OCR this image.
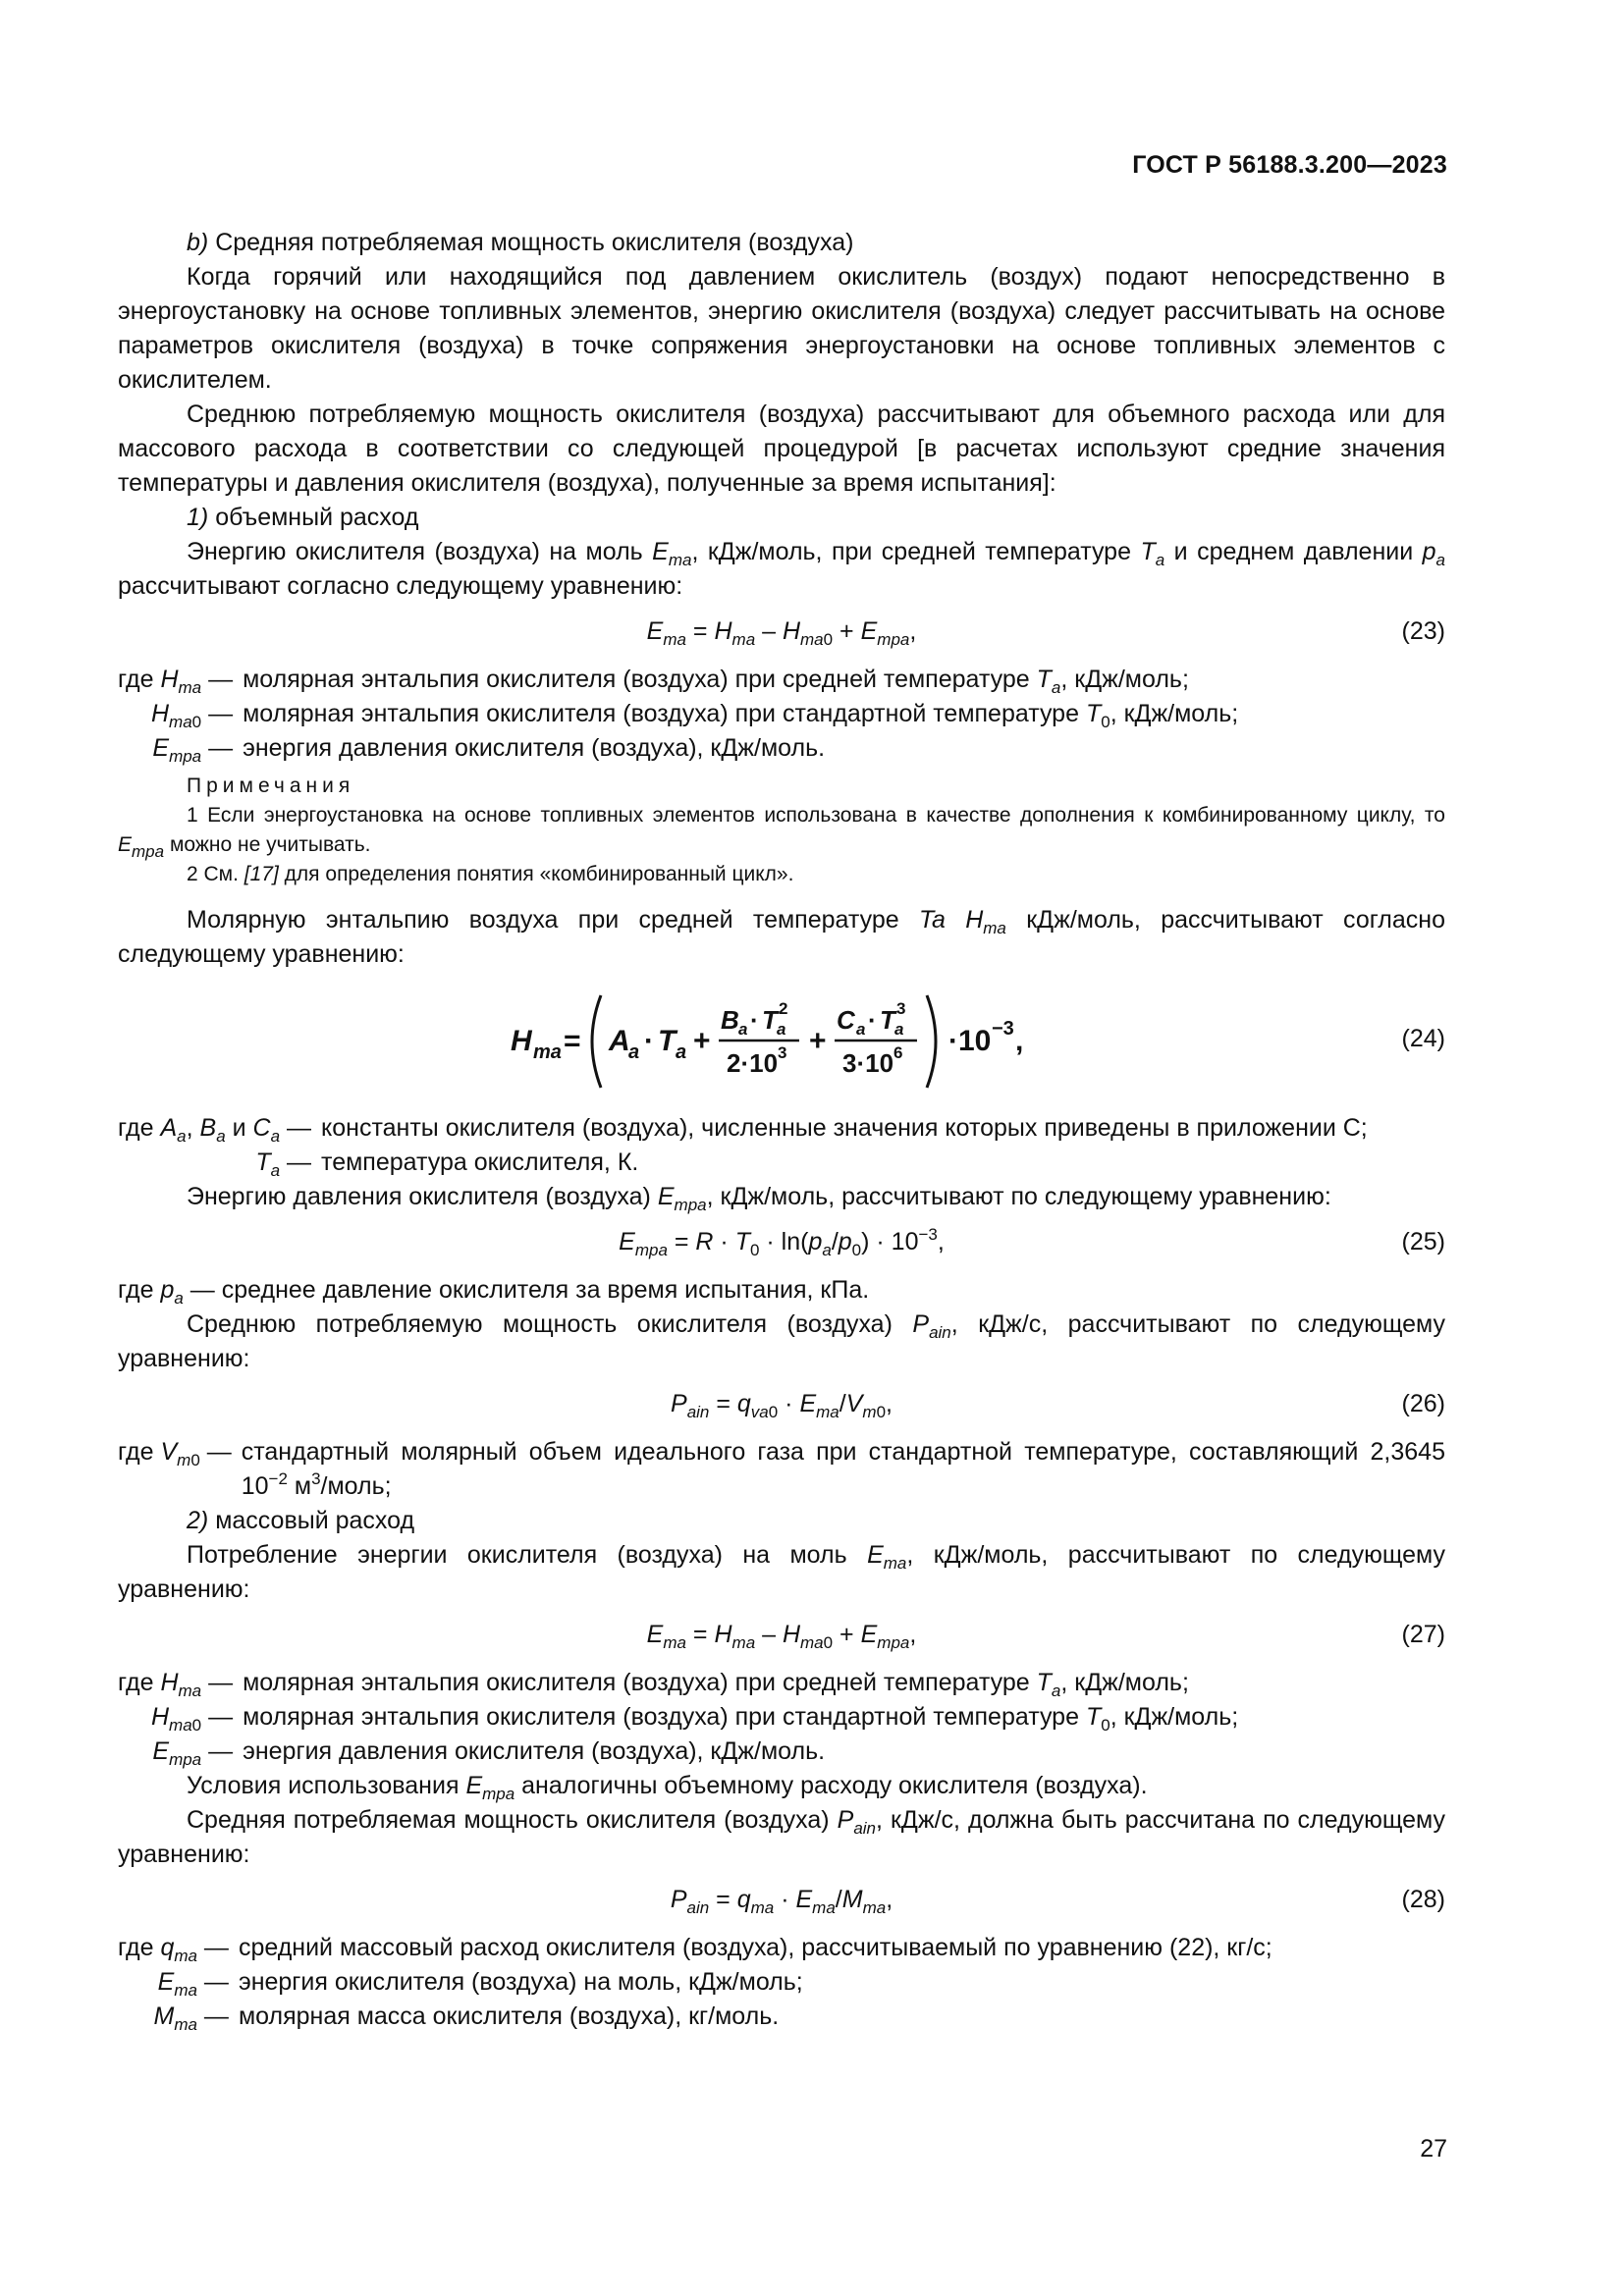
ГОСТ Р 56188.3.200—2023

b) Средняя потребляемая мощность окислителя (воздуха)

Когда горячий или находящийся под давлением окислитель (воздух) подают непосредственно в энергоустановку на основе топливных элементов, энергию окислителя (воздуха) следует рассчитывать на основе параметров окислителя (воздуха) в точке сопряжения энергоустановки на основе топливных элементов с окислителем.

Среднюю потребляемую мощность окислителя (воздуха) рассчитывают для объемного расхода или для массового расхода в соответствии со следующей процедурой [в расчетах используют средние значения температуры и давления окислителя (воздуха), полученные за время испытания]:

1) объемный расход

Энергию окислителя (воздуха) на моль $E_{ma}$, кДж/моль, при средней температуре $T_a$ и среднем давлении $p_a$ рассчитывают согласно следующему уравнению:

$E_{ma} = H_{ma} - H_{ma0} + E_{mpa}$,	(23)
где $H_{ma}$ — молярная энтальпия окислителя (воздуха) при средней температуре $T_a$, кДж/моль;
$H_{ma0}$ — молярная энтальпия окислителя (воздуха) при стандартной температуре $T_0$, кДж/моль;
$E_{mpa}$ — энергия давления окислителя (воздуха), кДж/моль.
Примечания

1 Если энергоустановка на основе топливных элементов использована в качестве дополнения к комбинированному циклу, то $E_{mpa}$ можно не учитывать.

2 См. [17] для определения понятия «комбинированный цикл».

Молярную энтальпию воздуха при средней температуре Ta $H_{ma}$ кДж/моль, рассчитывают согласно следующему уравнению:

H ma = A
a · T a +
B a · T a
2
2·10 3 +
C a · T a
3
3·10 6 ·10 −3 ,	(24)
где $A_a$, $B_a$ и $C_a$ — константы окислителя (воздуха), численные значения которых приведены в приложении С;
$T_a$ — температура окислителя, К.

Энергию давления окислителя (воздуха) $E_{mpa}$, кДж/моль, рассчитывают по следующему уравнению:

$E_{mpa} = R \cdot T_0 \cdot \ln(p_a/p_0) \cdot 10^{-3}$,	(25)

где $p_a$ — среднее давление окислителя за время испытания, кПа.

Среднюю потребляемую мощность окислителя (воздуха) $P_{ain}$, кДж/с, рассчитывают по следующему уравнению:

$P_{ain} = q_{va0} \cdot E_{ma}/V_{m0}$,	(26)
где $V_{m0}$ — стандартный молярный объем идеального газа при стандартной температуре, составляющий 2,3645 $10^{-2}$ $м^3$/моль;

2) массовый расход

Потребление энергии окислителя (воздуха) на моль $E_{ma}$, кДж/моль, рассчитывают по следующему уравнению:

$E_{ma} = H_{ma} - H_{ma0} + E_{mpa}$,	(27)
где $H_{ma}$ — молярная энтальпия окислителя (воздуха) при средней температуре $T_a$, кДж/моль;
$H_{ma0}$ — молярная энтальпия окислителя (воздуха) при стандартной температуре $T_0$, кДж/моль;
$E_{mpa}$ — энергия давления окислителя (воздуха), кДж/моль.

Условия использования $E_{mpa}$ аналогичны объемному расходу окислителя (воздуха).

Средняя потребляемая мощность окислителя (воздуха) $P_{ain}$, кДж/с, должна быть рассчитана по следующему уравнению:

$P_{ain} = q_{ma} \cdot E_{ma}/M_{ma}$,	(28)
где $q_{ma}$ — средний массовый расход окислителя (воздуха), рассчитываемый по уравнению (22), кг/с;
$E_{ma}$ — энергия окислителя (воздуха) на моль, кДж/моль;
$M_{ma}$ — молярная масса окислителя (воздуха), кг/моль.
27
